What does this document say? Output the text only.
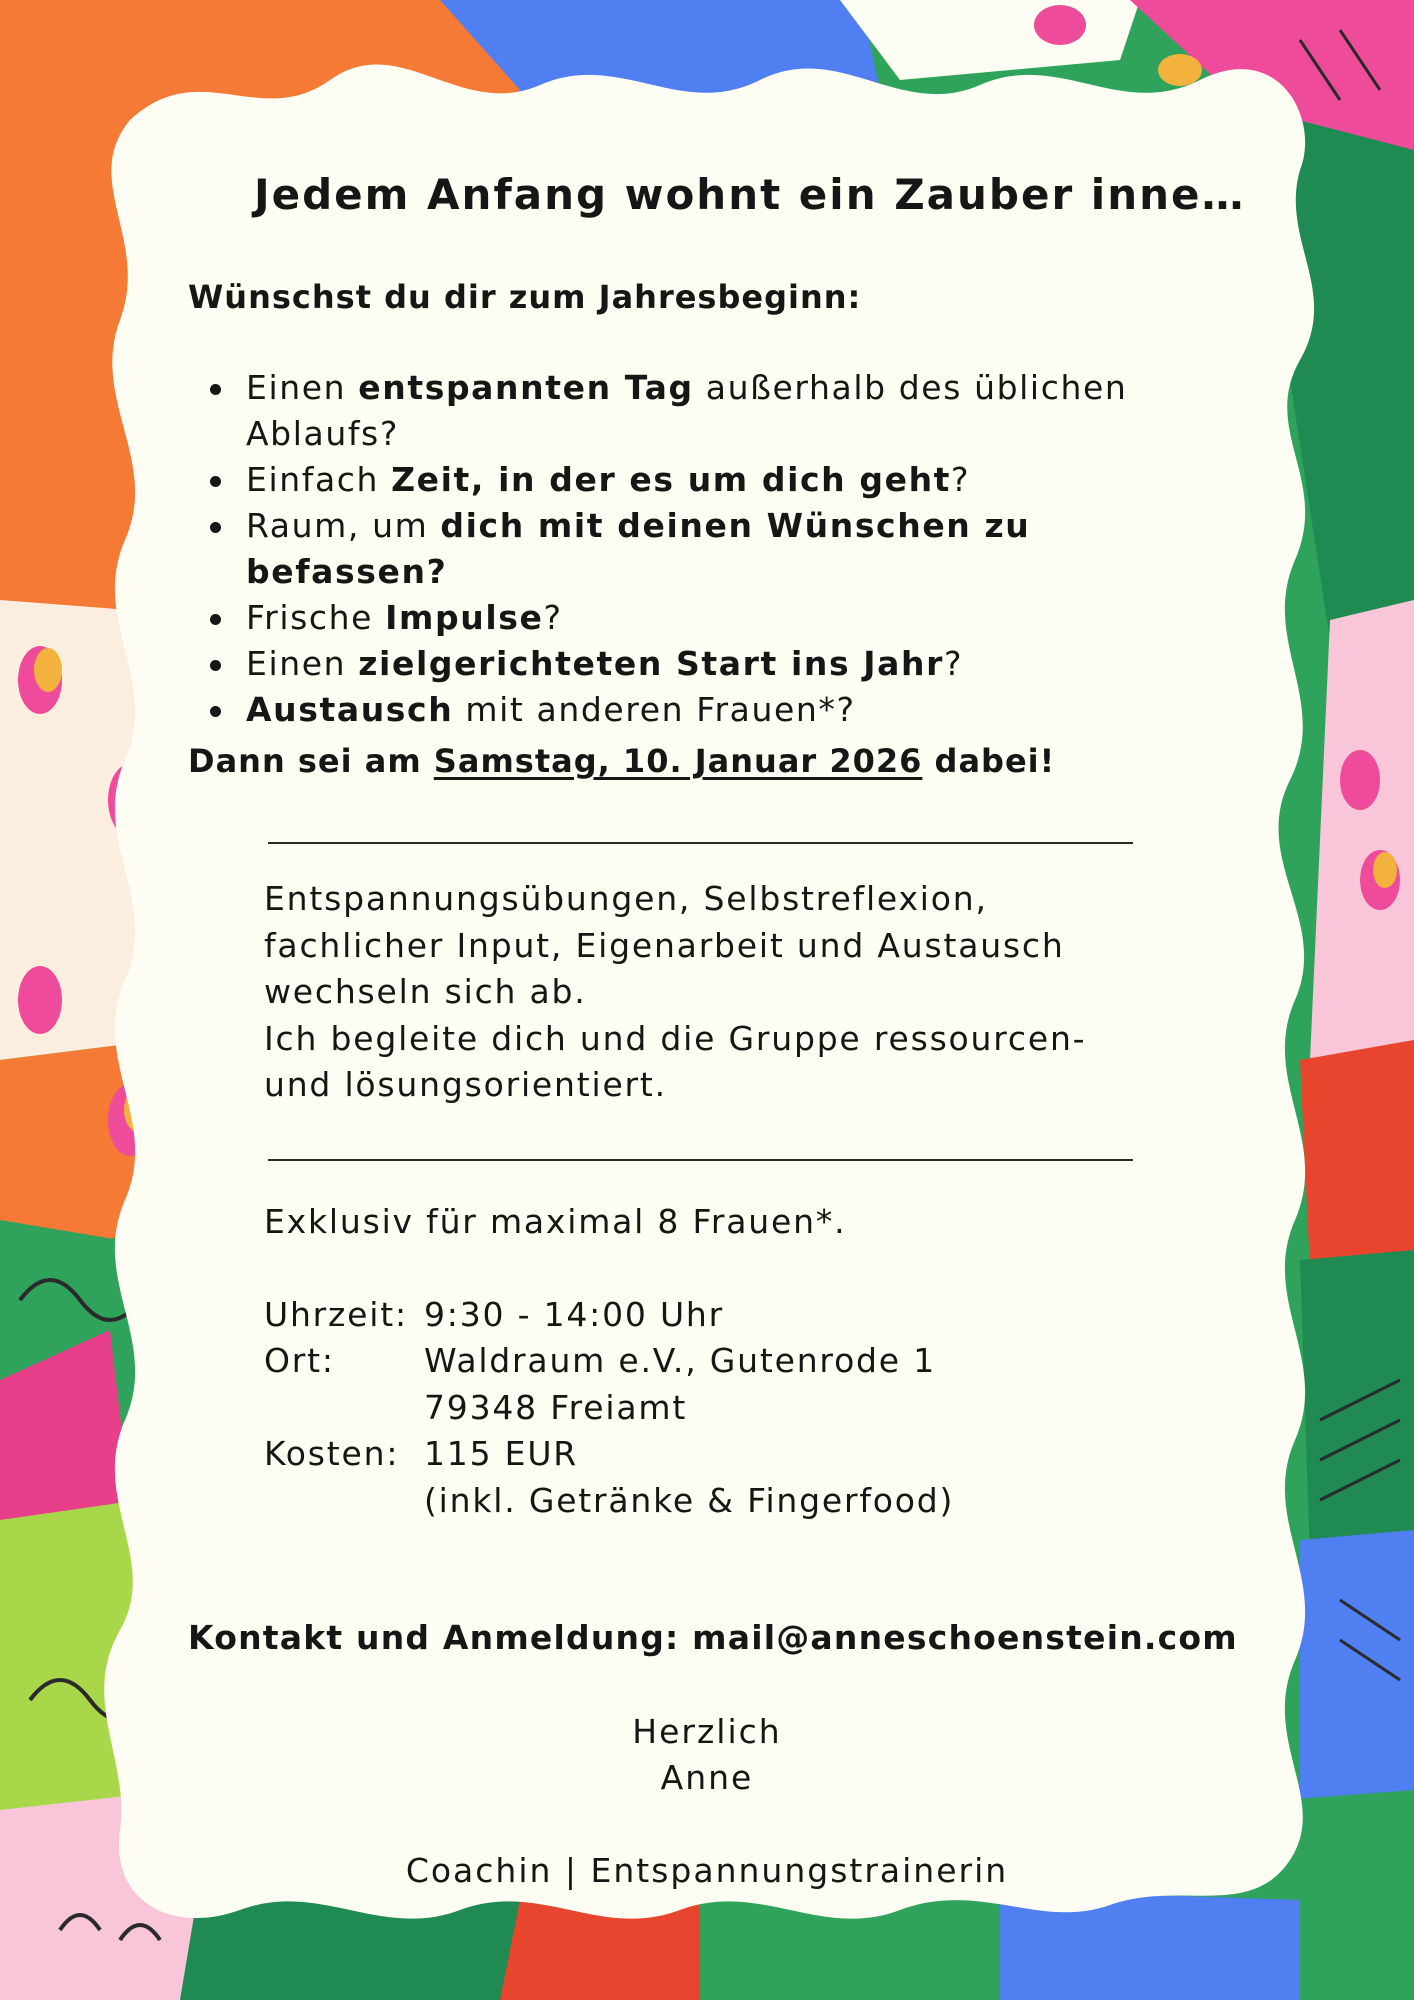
Jedem Anfang wohnt ein Zauber inne…
Wünschst du dir zum Jahresbeginn:
Einen entspannten Tag außerhalb des üblichen Ablaufs?
Einfach Zeit, in der es um dich geht?
Raum, um dich mit deinen Wünschen zu befassen?
Frische Impulse?
Einen zielgerichteten Start ins Jahr?
Austausch mit anderen Frauen*?
Dann sei am Samstag, 10. Januar 2026 dabei!
Entspannungsübungen, Selbstreflexion,
fachlicher Input, Eigenarbeit und Austausch
wechseln sich ab.
Ich begleite dich und die Gruppe ressourcen-
und lösungsorientiert.
Exklusiv für maximal 8 Frauen*.
Uhrzeit: 9:30 - 14:00 Uhr
Ort:	Waldraum e.V., Gutenrode 1
79348 Freiamt
Kosten: 115 EUR
(inkl. Getränke & Fingerfood)
Kontakt und Anmeldung: mail@anneschoenstein.com
Herzlich
Anne
Coachin | Entspannungstrainerin
